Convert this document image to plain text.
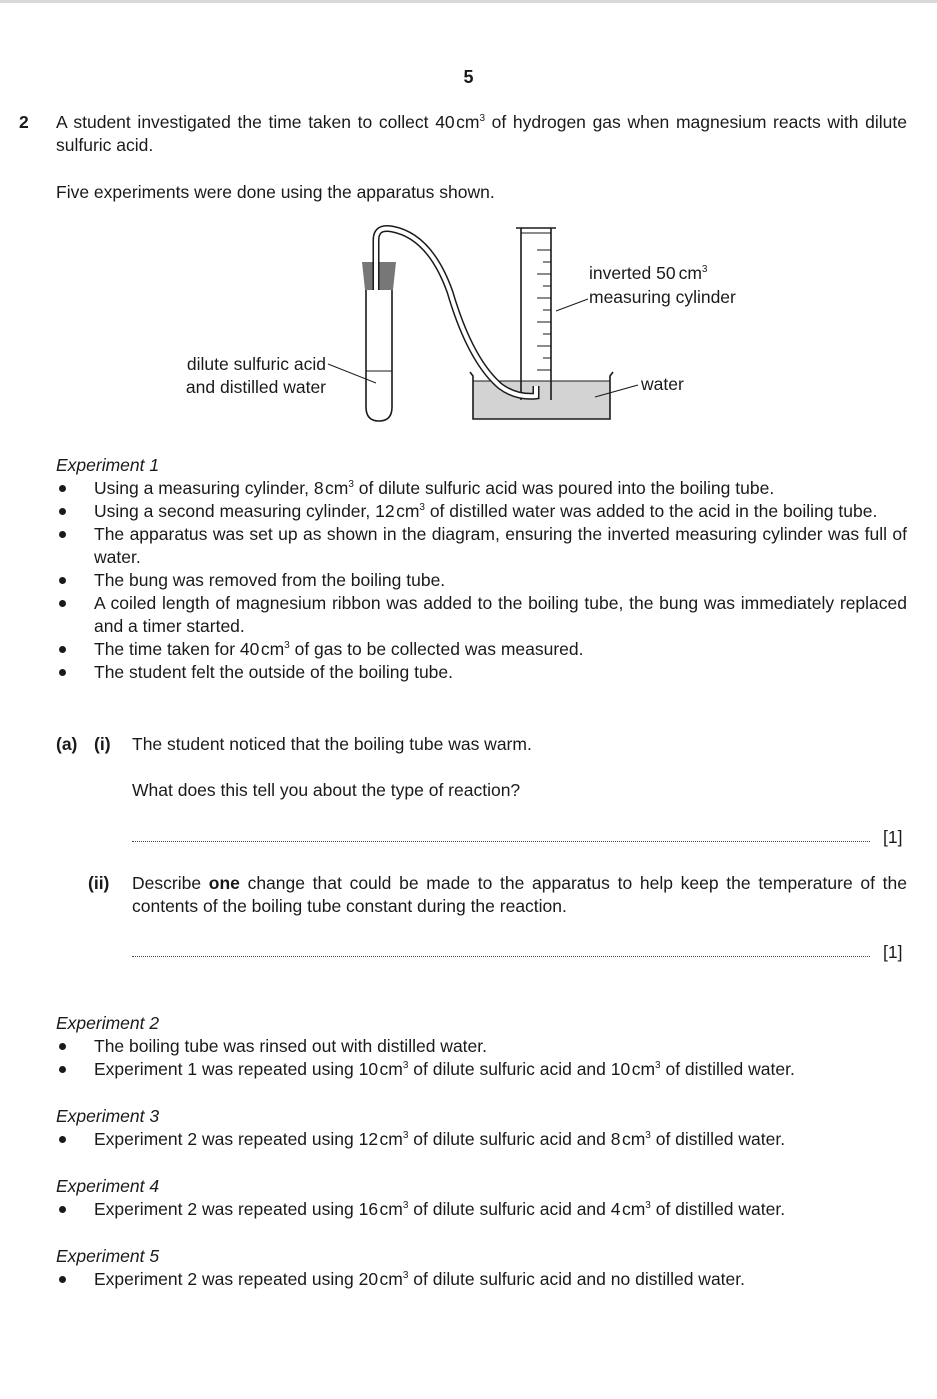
5
2 A student investigated the time taken to collect 40 $cm^3$ of hydrogen gas when magnesium reacts with dilute sulfuric acid.
Five experiments were done using the apparatus shown.
inverted 50 $cm^3$
measuring cylinder
dilute sulfuric acid
and distilled water	water
Experiment 1
Using a measuring cylinder, 8 $cm^3$ of dilute sulfuric acid was poured into the boiling tube.
Using a second measuring cylinder, 12 $cm^3$ of distilled water was added to the acid in the boiling tube.
The apparatus was set up as shown in the diagram, ensuring the inverted measuring cylinder was full of water.
The bung was removed from the boiling tube.
A coiled length of magnesium ribbon was added to the boiling tube, the bung was immediately replaced and a timer started.
The time taken for 40 $cm^3$ of gas to be collected was measured.
The student felt the outside of the boiling tube.
(a) (i) The student noticed that the boiling tube was warm.
What does this tell you about the type of reaction?
[1]
(ii) Describe one change that could be made to the apparatus to help keep the temperature of the contents of the boiling tube constant during the reaction.
[1]
Experiment 2
The boiling tube was rinsed out with distilled water.
Experiment 1 was repeated using 10 $cm^3$ of dilute sulfuric acid and 10 $cm^3$ of distilled water.
Experiment 3
Experiment 2 was repeated using 12 $cm^3$ of dilute sulfuric acid and 8 $cm^3$ of distilled water.
Experiment 4
Experiment 2 was repeated using 16 $cm^3$ of dilute sulfuric acid and 4 $cm^3$ of distilled water.
Experiment 5
Experiment 2 was repeated using 20 $cm^3$ of dilute sulfuric acid and no distilled water.
